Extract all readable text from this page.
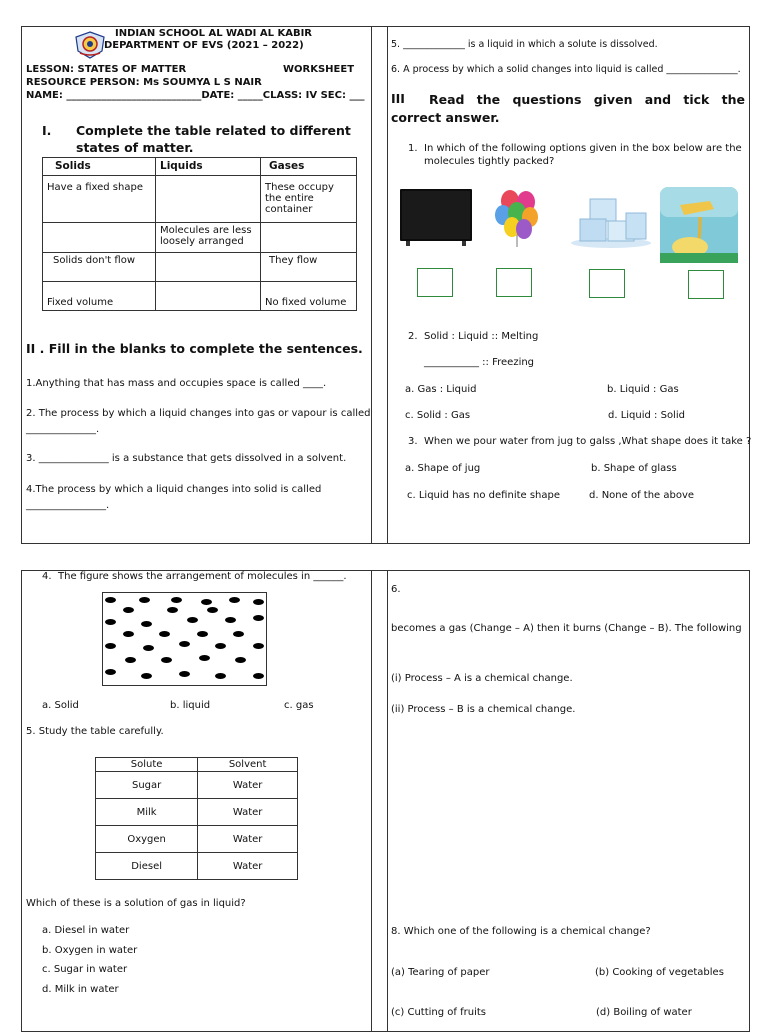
INDIAN SCHOOL AL WADI AL KABIR
DEPARTMENT OF EVS (2021 – 2022)
LESSON: STATES OF MATTER	WORKSHEET
RESOURCE PERSON: Ms SOUMYA L S NAIR
NAME: ___________________________DATE: _____CLASS: IV SEC: ___
I. Complete the table related to different states of matter.
Solids	Liquids	Gases
Have a fixed shape		These occupy the entire container
	Molecules are less loosely arranged	
Solids don't flow		They flow
Fixed volume		No fixed volume
II . Fill in the blanks to complete the sentences.
1.Anything that has mass and occupies space is called ____.
2. The process by which a liquid changes into gas or vapour is called
______________.
3. ______________ is a substance that gets dissolved in a solvent.
4.The process by which a liquid changes into solid is called
________________.
5. _____________ is a liquid in which a solute is dissolved.
6. A process by which a solid changes into liquid is called _______________.
III	Read the questions given and tick the correct answer.
1. In which of the following options given in the box below are the molecules tightly packed?
2. Solid : Liquid :: Melting
___________ :: Freezing
a. Gas : Liquid	b. Liquid : Gas
c. Solid : Gas	d. Liquid : Solid
3. When we pour water from jug to galss ,What shape does it take ?
a. Shape of jug	b. Shape of glass
c. Liquid has no definite shape	d. None of the above
4. The figure shows the arrangement of molecules in ______.
a. Solid	b. liquid	c. gas
5. Study the table carefully.
Solute	Solvent
Sugar	Water
Milk	Water
Oxygen	Water
Diesel	Water
Which of these is a solution of gas in liquid?
a. Diesel in water
b. Oxygen in water
c. Sugar in water
d. Milk in water
6.
becomes a gas (Change – A) then it burns (Change – B). The following
(i) Process – A is a chemical change.
(ii) Process – B is a chemical change.
8. Which one of the following is a chemical change?
(a) Tearing of paper	(b) Cooking of vegetables
(c) Cutting of fruits	(d) Boiling of water
